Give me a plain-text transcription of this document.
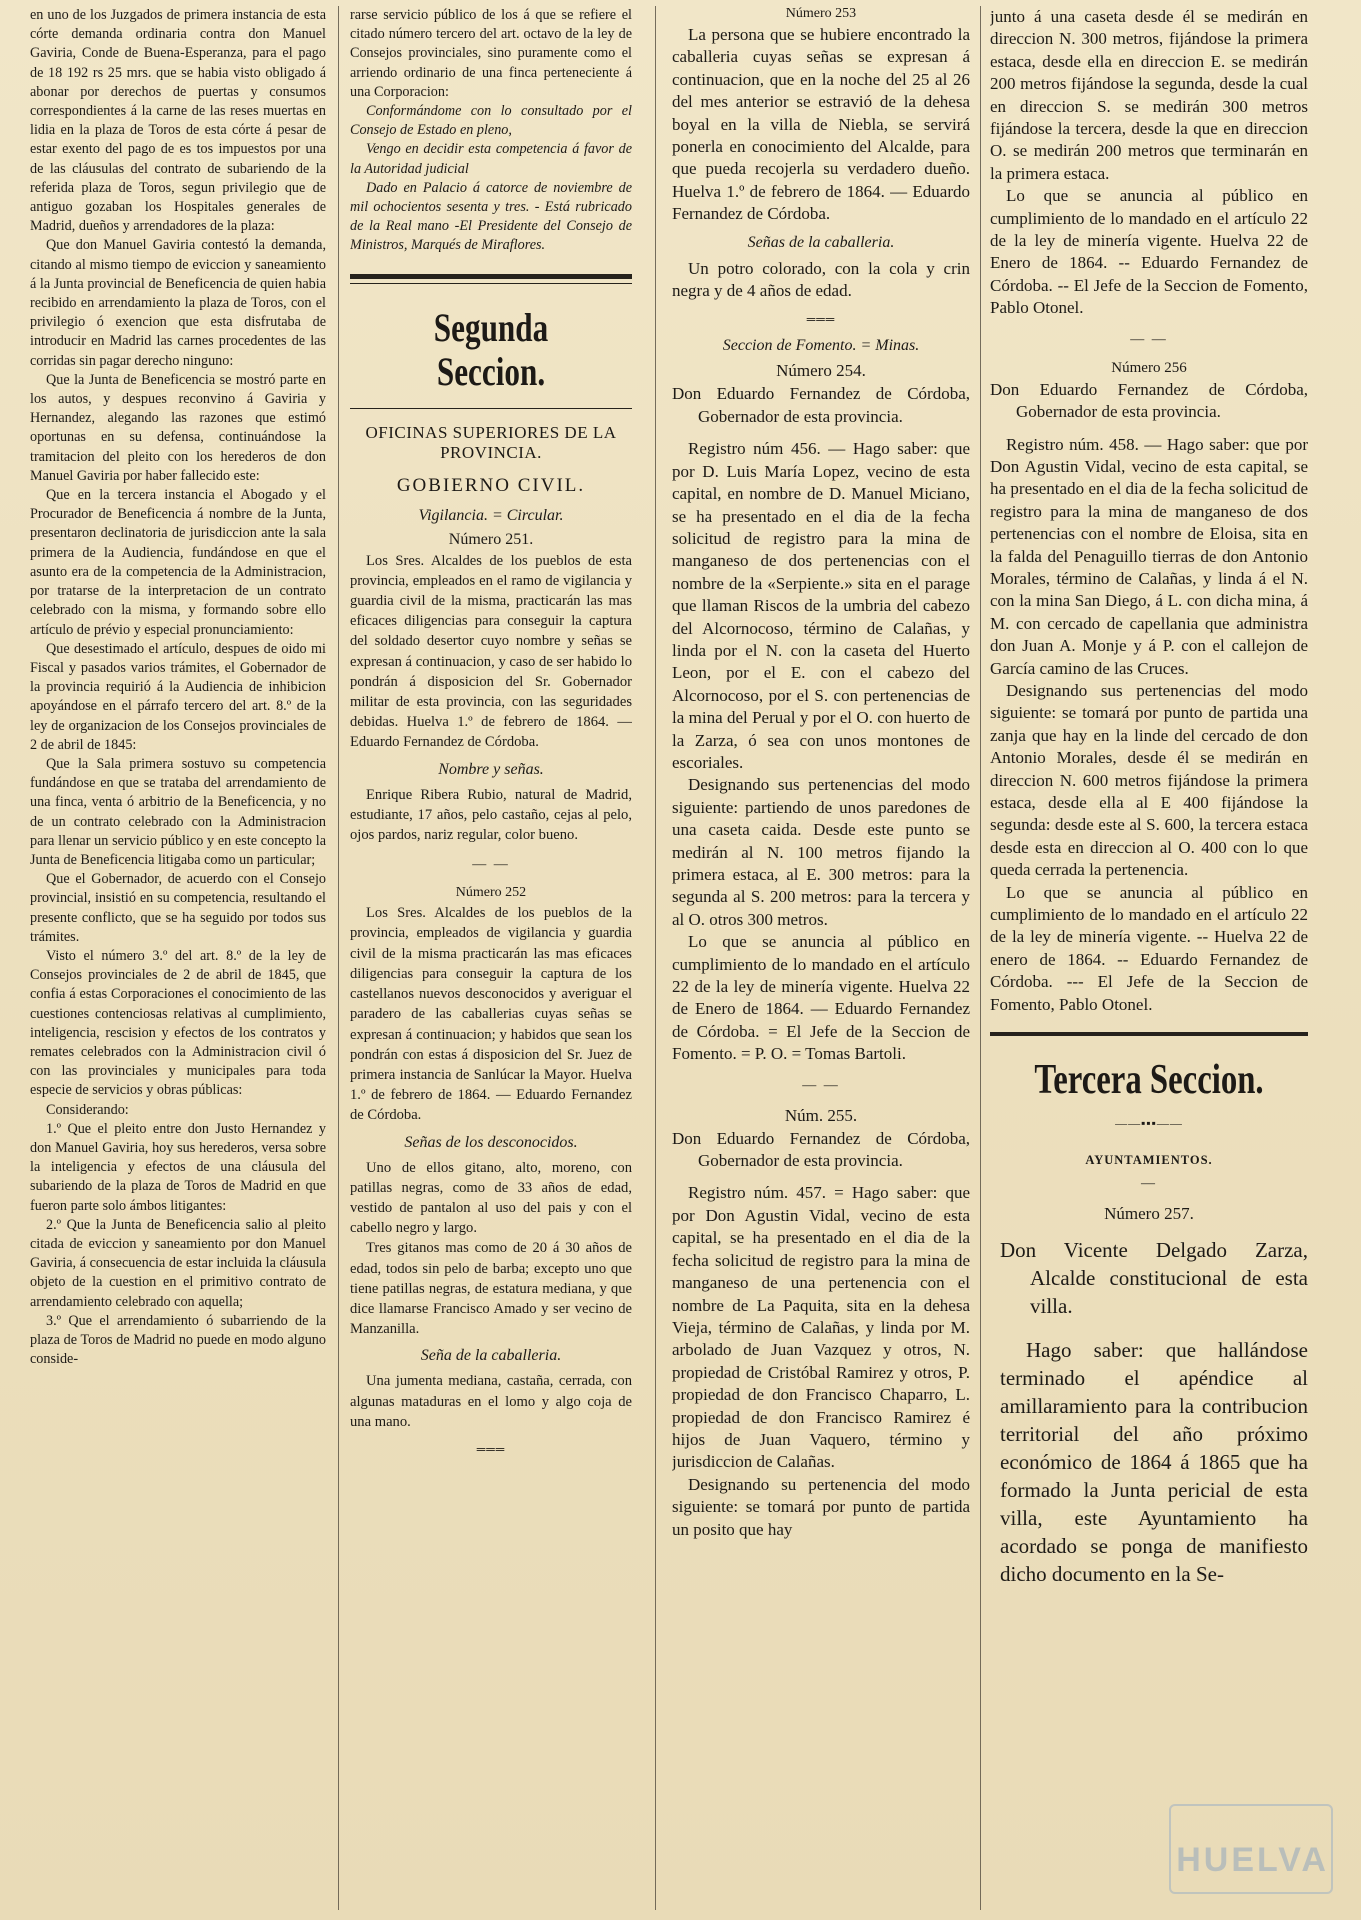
en uno de los Juzgados de primera instancia de esta córte demanda ordinaria contra don Manuel Gaviria, Conde de Buena-Esperanza, para el pago de 18 192 rs 25 mrs. que se habia visto obligado á abonar por derechos de puertas y consumos correspondientes á la carne de las reses muertas en lidia en la plaza de Toros de esta córte á pesar de estar exento del pago de es tos impuestos por una de las cláusulas del contrato de subariendo de la referida plaza de Toros, segun privilegio que de antiguo gozaban los Hospitales generales de Madrid, dueños y arrendadores de la plaza:

Que don Manuel Gaviria contestó la demanda, citando al mismo tiempo de eviccion y saneamiento á la Junta provincial de Beneficencia de quien habia recibido en arrendamiento la plaza de Toros, con el privilegio ó exencion que esta disfrutaba de introducir en Madrid las carnes procedentes de las corridas sin pagar derecho ninguno:

Que la Junta de Beneficencia se mostró parte en los autos, y despues reconvino á Gaviria y Hernandez, alegando las razones que estimó oportunas en su defensa, continuándose la tramitacion del pleito con los herederos de don Manuel Gaviria por haber fallecido este:

Que en la tercera instancia el Abogado y el Procurador de Beneficencia á nombre de la Junta, presentaron declinatoria de jurisdiccion ante la sala primera de la Audiencia, fundándose en que el asunto era de la competencia de la Administracion, por tratarse de la interpretacion de un contrato celebrado con la misma, y formando sobre ello artículo de prévio y especial pronunciamiento:

Que desestimado el artículo, despues de oido mi Fiscal y pasados varios trámites, el Gobernador de la provincia requirió á la Audiencia de inhibicion apoyándose en el párrafo tercero del art. 8.º de la ley de organizacion de los Consejos provinciales de 2 de abril de 1845:

Que la Sala primera sostuvo su competencia fundándose en que se trataba del arrendamiento de una finca, venta ó arbitrio de la Beneficencia, y no de un contrato celebrado con la Administracion para llenar un servicio público y en este concepto la Junta de Beneficencia litigaba como un particular;

Que el Gobernador, de acuerdo con el Consejo provincial, insistió en su competencia, resultando el presente conflicto, que se ha seguido por todos sus trámites.

Visto el número 3.º del art. 8.º de la ley de Consejos provinciales de 2 de abril de 1845, que confia á estas Corporaciones el conocimiento de las cuestiones contenciosas relativas al cumplimiento, inteligencia, rescision y efectos de los contratos y remates celebrados con la Administracion civil ó con las provinciales y municipales para toda especie de servicios y obras públicas:

Considerando:

1.º Que el pleito entre don Justo Hernandez y don Manuel Gaviria, hoy sus herederos, versa sobre la inteligencia y efectos de una cláusula del subariendo de la plaza de Toros de Madrid en que fueron parte solo ámbos litigantes:

2.º Que la Junta de Beneficencia salio al pleito citada de eviccion y saneamiento por don Manuel Gaviria, á consecuencia de estar incluida la cláusula objeto de la cuestion en el primitivo contrato de arrendamiento celebrado con aquella;

3.º Que el arrendamiento ó subarriendo de la plaza de Toros de Madrid no puede en modo alguno conside-

rarse servicio público de los á que se refiere el citado número tercero del art. octavo de la ley de Consejos provinciales, sino puramente como el arriendo ordinario de una finca perteneciente á una Corporacion:

Conformándome con lo consultado por el Consejo de Estado en pleno,

Vengo en decidir esta competencia á favor de la Autoridad judicial

Dado en Palacio á catorce de noviembre de mil ochocientos sesenta y tres. - Está rubricado de la Real mano -El Presidente del Consejo de Ministros, Marqués de Miraflores.

Segunda Seccion.
OFICINAS SUPERIORES DE LA PROVINCIA.
GOBIERNO CIVIL.
Vigilancia. = Circular.
Número 251.

Los Sres. Alcaldes de los pueblos de esta provincia, empleados en el ramo de vigilancia y guardia civil de la misma, practicarán las mas eficaces diligencias para conseguir la captura del soldado desertor cuyo nombre y señas se expresan á continuacion, y caso de ser habido lo pondrán á disposicion del Sr. Gobernador militar de esta provincia, con las seguridades debidas. Huelva 1.º de febrero de 1864. — Eduardo Fernandez de Córdoba.

Nombre y señas.

Enrique Ribera Rubio, natural de Madrid, estudiante, 17 años, pelo castaño, cejas al pelo, ojos pardos, nariz regular, color bueno.

— —
Número 252

Los Sres. Alcaldes de los pueblos de la provincia, empleados de vigilancia y guardia civil de la misma practicarán las mas eficaces diligencias para conseguir la captura de los castellanos nuevos desconocidos y averiguar el paradero de las caballerias cuyas señas se expresan á continuacion; y habidos que sean los pondrán con estas á disposicion del Sr. Juez de primera instancia de Sanlúcar la Mayor. Huelva 1.º de febrero de 1864. — Eduardo Fernandez de Córdoba.

Señas de los desconocidos.

Uno de ellos gitano, alto, moreno, con patillas negras, como de 33 años de edad, vestido de pantalon al uso del pais y con el cabello negro y largo.

Tres gitanos mas como de 20 á 30 años de edad, todos sin pelo de barba; excepto uno que tiene patillas negras, de estatura mediana, y que dice llamarse Francisco Amado y ser vecino de Manzanilla.

Seña de la caballeria.

Una jumenta mediana, castaña, cerrada, con algunas mataduras en el lomo y algo coja de una mano.

═══
Número 253

La persona que se hubiere encontrado la caballeria cuyas señas se expresan á continuacion, que en la noche del 25 al 26 del mes anterior se estravió de la dehesa boyal en la villa de Niebla, se servirá ponerla en conocimiento del Alcalde, para que pueda recojerla su verdadero dueño. Huelva 1.º de febrero de 1864. — Eduardo Fernandez de Córdoba.

Señas de la caballeria.

Un potro colorado, con la cola y crin negra y de 4 años de edad.

═══
Seccion de Fomento. = Minas.
Número 254.

Don Eduardo Fernandez de Córdoba, Gobernador de esta provincia.

Registro núm 456. — Hago saber: que por D. Luis María Lopez, vecino de esta capital, en nombre de D. Manuel Miciano, se ha presentado en el dia de la fecha solicitud de registro para la mina de manganeso de dos pertenencias con el nombre de la «Serpiente.» sita en el parage que llaman Riscos de la umbria del cabezo del Alcornocoso, término de Calañas, y linda por el N. con la caseta del Huerto Leon, por el E. con el cabezo del Alcornocoso, por el S. con pertenencias de la mina del Perual y por el O. con huerto de la Zarza, ó sea con unos montones de escoriales.

Designando sus pertenencias del modo siguiente: partiendo de unos paredones de una caseta caida. Desde este punto se medirán al N. 100 metros fijando la primera estaca, al E. 300 metros: para la segunda al S. 200 metros: para la tercera y al O. otros 300 metros.

Lo que se anuncia al público en cumplimiento de lo mandado en el artículo 22 de la ley de minería vigente. Huelva 22 de Enero de 1864. — Eduardo Fernandez de Córdoba. = El Jefe de la Seccion de Fomento. = P. O. = Tomas Bartoli.

— —
Núm. 255.

Don Eduardo Fernandez de Córdoba, Gobernador de esta provincia.

Registro núm. 457. = Hago saber: que por Don Agustin Vidal, vecino de esta capital, se ha presentado en el dia de la fecha solicitud de registro para la mina de manganeso de una pertenencia con el nombre de La Paquita, sita en la dehesa Vieja, término de Calañas, y linda por M. arbolado de Juan Vazquez y otros, N. propiedad de Cristóbal Ramirez y otros, P. propiedad de don Francisco Chaparro, L. propiedad de don Francisco Ramirez é hijos de Juan Vaquero, término y jurisdiccion de Calañas.

Designando su pertenencia del modo siguiente: se tomará por punto de partida un posito que hay

junto á una caseta desde él se medirán en direccion N. 300 metros, fijándose la primera estaca, desde ella en direccion E. se medirán 200 metros fijándose la segunda, desde la cual en direccion S. se medirán 300 metros fijándose la tercera, desde la que en direccion O. se medirán 200 metros que terminarán en la primera estaca.

Lo que se anuncia al público en cumplimiento de lo mandado en el artículo 22 de la ley de minería vigente. Huelva 22 de Enero de 1864. -- Eduardo Fernandez de Córdoba. -- El Jefe de la Seccion de Fomento, Pablo Otonel.

— —
Número 256

Don Eduardo Fernandez de Córdoba, Gobernador de esta provincia.

Registro núm. 458. — Hago saber: que por Don Agustin Vidal, vecino de esta capital, se ha presentado en el dia de la fecha solicitud de registro para la mina de manganeso de dos pertenencias con el nombre de Eloisa, sita en la falda del Penaguillo tierras de don Antonio Morales, término de Calañas, y linda á el N. con la mina San Diego, á L. con dicha mina, á M. con cercado de capellania que administra don Juan A. Monje y á P. con el callejon de García camino de las Cruces.

Designando sus pertenencias del modo siguiente: se tomará por punto de partida una zanja que hay en la linde del cercado de don Antonio Morales, desde él se medirán en direccion N. 600 metros fijándose la primera estaca, desde ella al E 400 fijándose la segunda: desde este al S. 600, la tercera estaca desde esta en direccion al O. 400 con lo que queda cerrada la pertenencia.

Lo que se anuncia al público en cumplimiento de lo mandado en el artículo 22 de la ley de minería vigente. -- Huelva 22 de enero de 1864. -- Eduardo Fernandez de Córdoba. --- El Jefe de la Seccion de Fomento, Pablo Otonel.

Tercera Seccion.
——▪▪▪——
AYUNTAMIENTOS.
—
Número 257.

Don Vicente Delgado Zarza, Alcalde constitucional de esta villa.

Hago saber: que hallándose terminado el apéndice al amillaramiento para la contribucion territorial del año próximo económico de 1864 á 1865 que ha formado la Junta pericial de esta villa, este Ayuntamiento ha acordado se ponga de manifiesto dicho documento en la Se-

HUELVA
